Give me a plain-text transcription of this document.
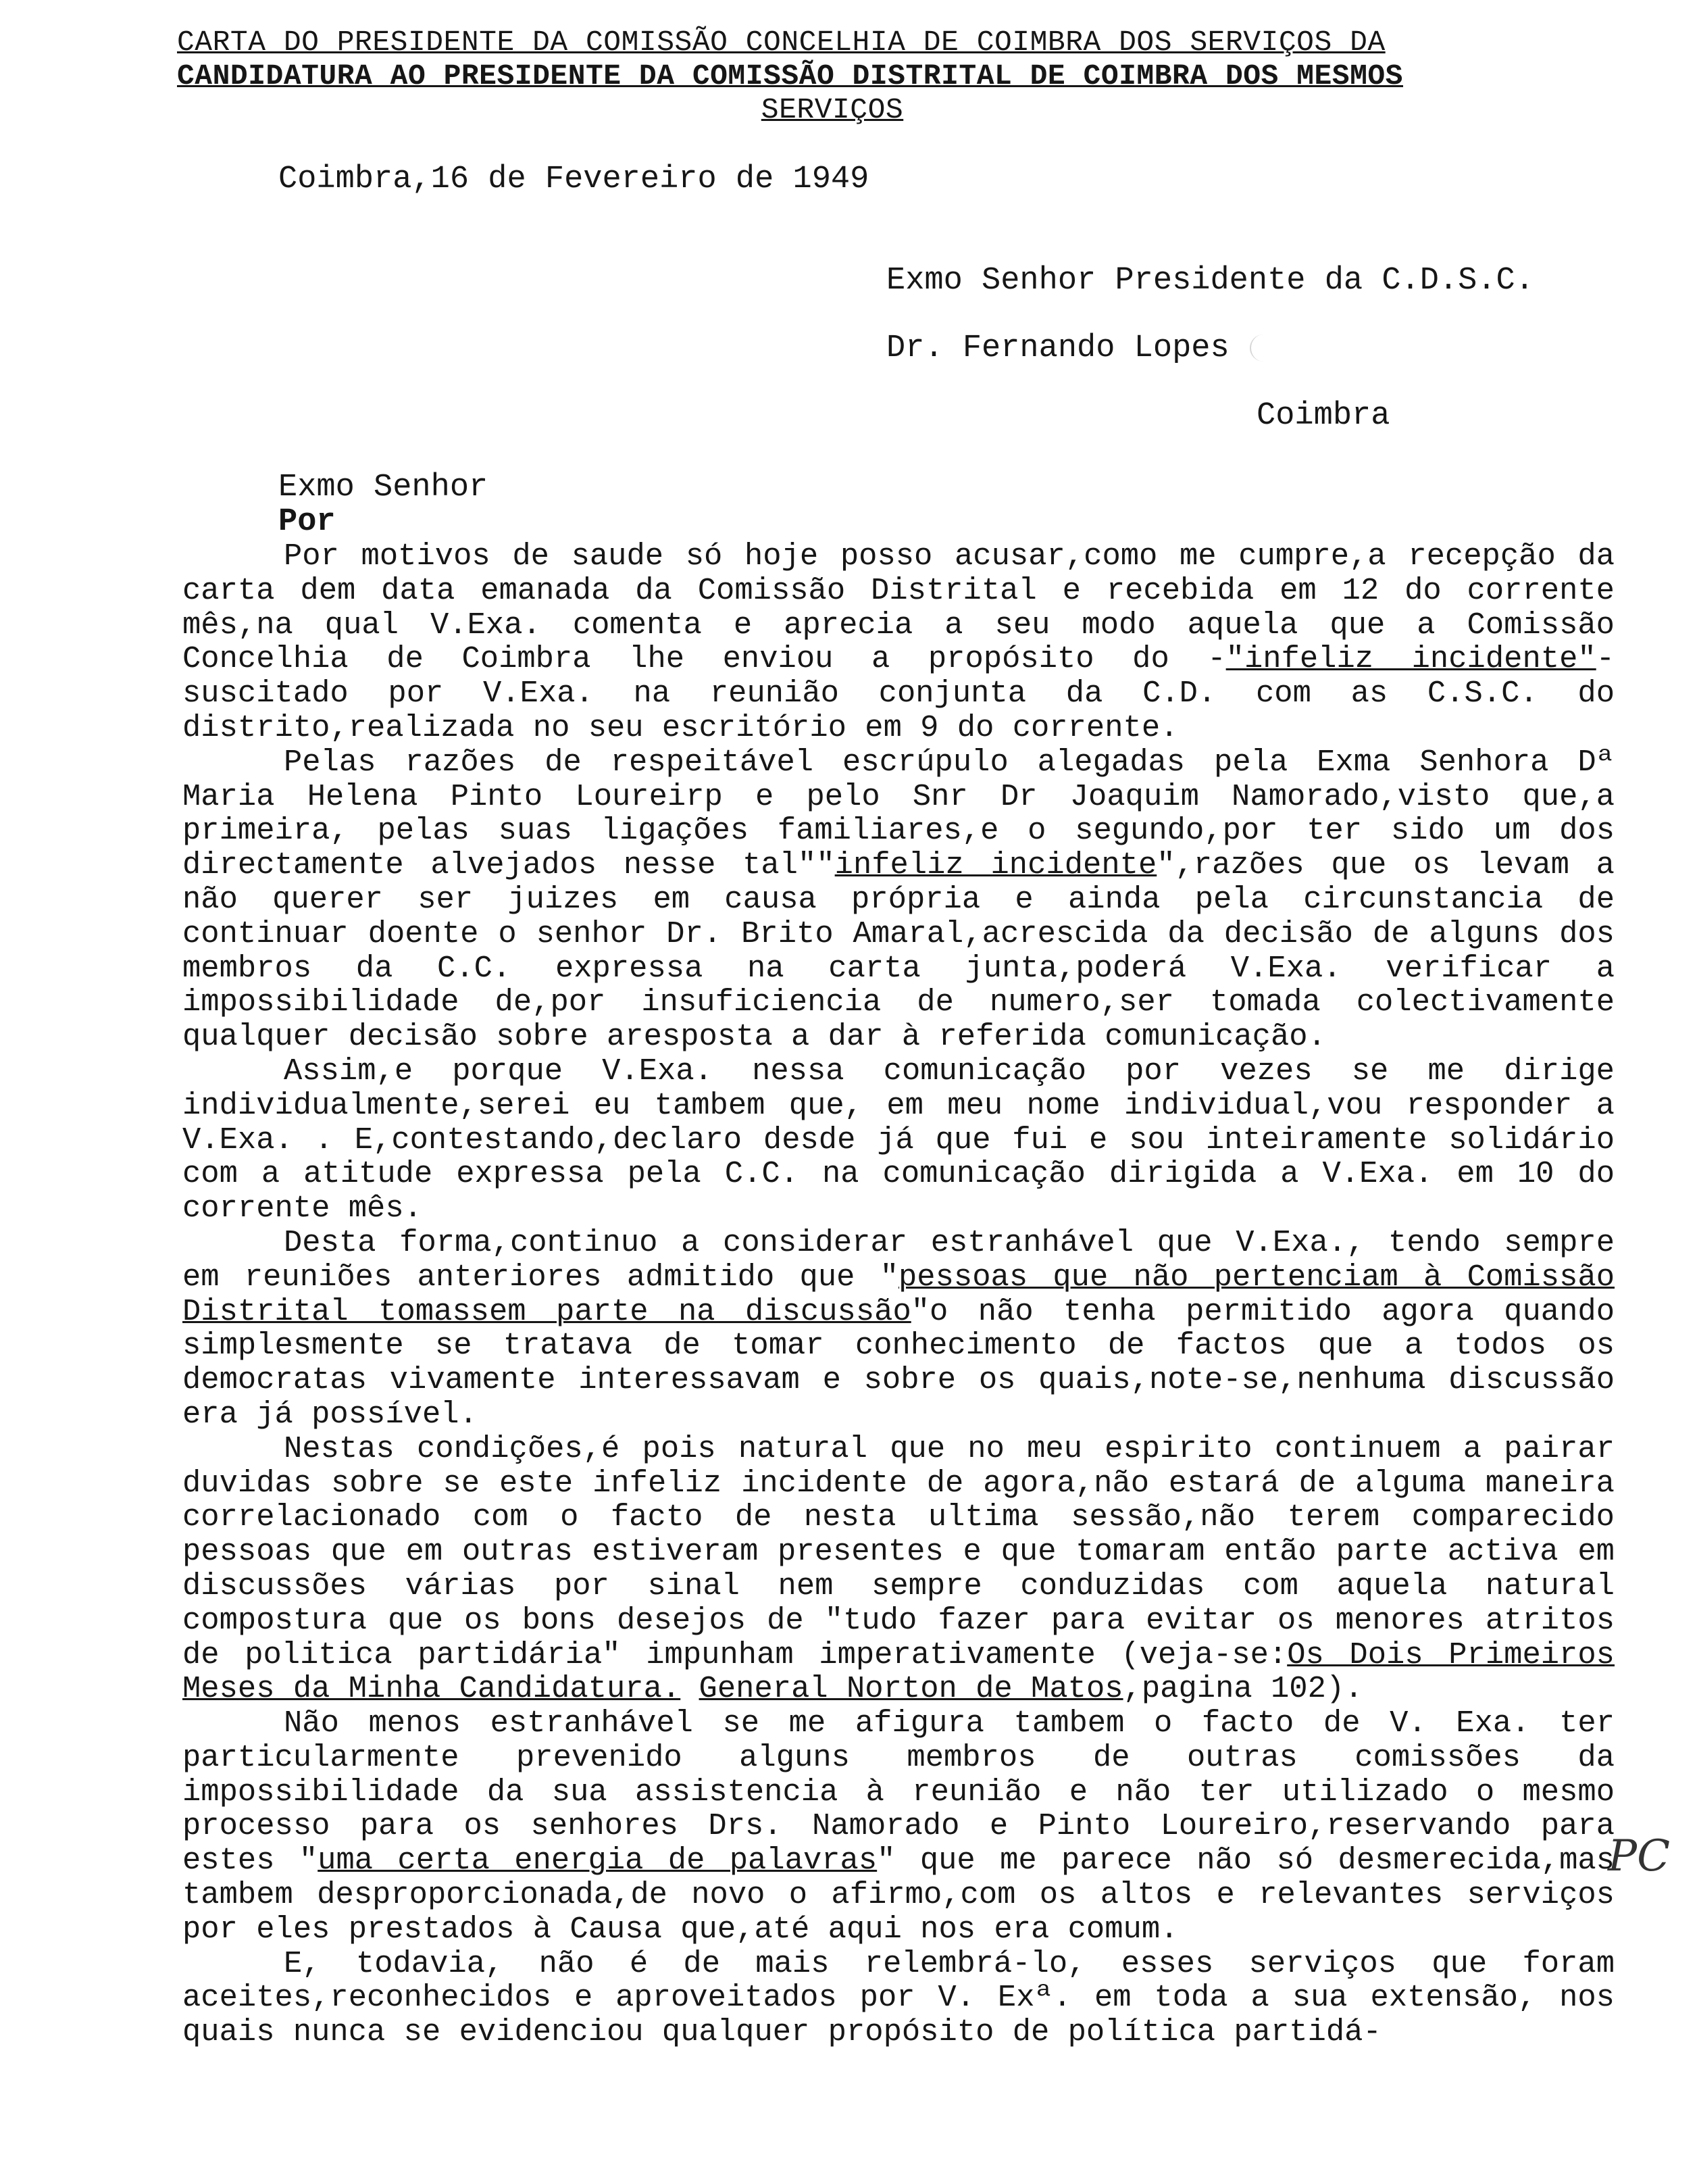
CARTA DO PRESIDENTE DA COMISSÃO CONCELHIA DE COIMBRA DOS SERVIÇOS DA
CANDIDATURA AO PRESIDENTE DA COMISSÃO DISTRITAL DE COIMBRA DOS MESMOS
SERVIÇOS
Coimbra,16 de Fevereiro de 1949
Exmo Senhor Presidente da C.D.S.C.
Dr. Fernando Lopes
Coimbra
Exmo Senhor
Por

Por motivos de saude só hoje posso acusar,como me cumpre,a recepção da carta dem data emanada da Comissão Distrital e recebida em 12 do corrente mês,na qual V.Exa. comenta e aprecia a seu modo aquela que a Comissão Concelhia de Coimbra lhe enviou a propósito do -"infeliz incidente"- suscitado por V.Exa. na reunião conjunta da C.D. com as C.S.C. do distrito,realizada no seu escritório em 9 do corrente.

Pelas razões de respeitável escrúpulo alegadas pela Exma Senhora Dª Maria Helena Pinto Loureirp e pelo Snr Dr Joaquim Namorado,visto que,a primeira, pelas suas ligações familiares,e o segundo,por ter sido um dos directamente alvejados nesse tal""infeliz incidente",razões que os levam a não querer ser juizes em causa própria e ainda pela circunstancia de continuar doente o senhor Dr. Brito Amaral,acrescida da decisão de alguns dos membros da C.C. expressa na carta junta,poderá V.Exa. verificar a impossibilidade de,por insuficiencia de numero,ser tomada colectivamente qualquer decisão sobre aresposta a dar à referida comunicação.

Assim,e porque V.Exa. nessa comunicação por vezes se me dirige individualmente,serei eu tambem que, em meu nome individual,vou responder a V.Exa. . E,contestando,declaro desde já que fui e sou inteiramente solidário com a atitude expressa pela C.C. na comunicação dirigida a V.Exa. em 10 do corrente mês.

Desta forma,continuo a considerar estranhável que V.Exa., tendo sempre em reuniões anteriores admitido que "pessoas que não pertenciam à Comissão Distrital tomassem parte na discussão"o não tenha permitido agora quando simplesmente se tratava de tomar conhecimento de factos que a todos os democratas vivamente interessavam e sobre os quais,note-se,nenhuma discussão era já possível.

Nestas condições,é pois natural que no meu espirito continuem a pairar duvidas sobre se este infeliz incidente de agora,não estará de alguma maneira correlacionado com o facto de nesta ultima sessão,não terem comparecido pessoas que em outras estiveram presentes e que tomaram então parte activa em discussões várias por sinal nem sempre conduzidas com aquela natural compostura que os bons desejos de "tudo fazer para evitar os menores atritos de politica partidária" impunham imperativamente (veja-se:Os Dois Primeiros Meses da Minha Candidatura. General Norton de Matos,pagina 102).

Não menos estranhável se me afigura tambem o facto de V. Exa. ter particularmente prevenido alguns membros de outras comissões da impossibilidade da sua assistencia à reunião e não ter utilizado o mesmo processo para os senhores Drs. Namorado e Pinto Loureiro,reservando para estes "uma certa energia de palavras" que me parece não só desmerecida,mas tambem desproporcionada,de novo o afirmo,com os altos e relevantes serviços por eles prestados à Causa que,até aqui nos era comum.

E, todavia, não é de mais relembrá-lo, esses serviços que foram aceites,reconhecidos e aproveitados por V. Exª. em toda a sua extensão, nos quais nunca se evidenciou qualquer propósito de política partidá-

PC
